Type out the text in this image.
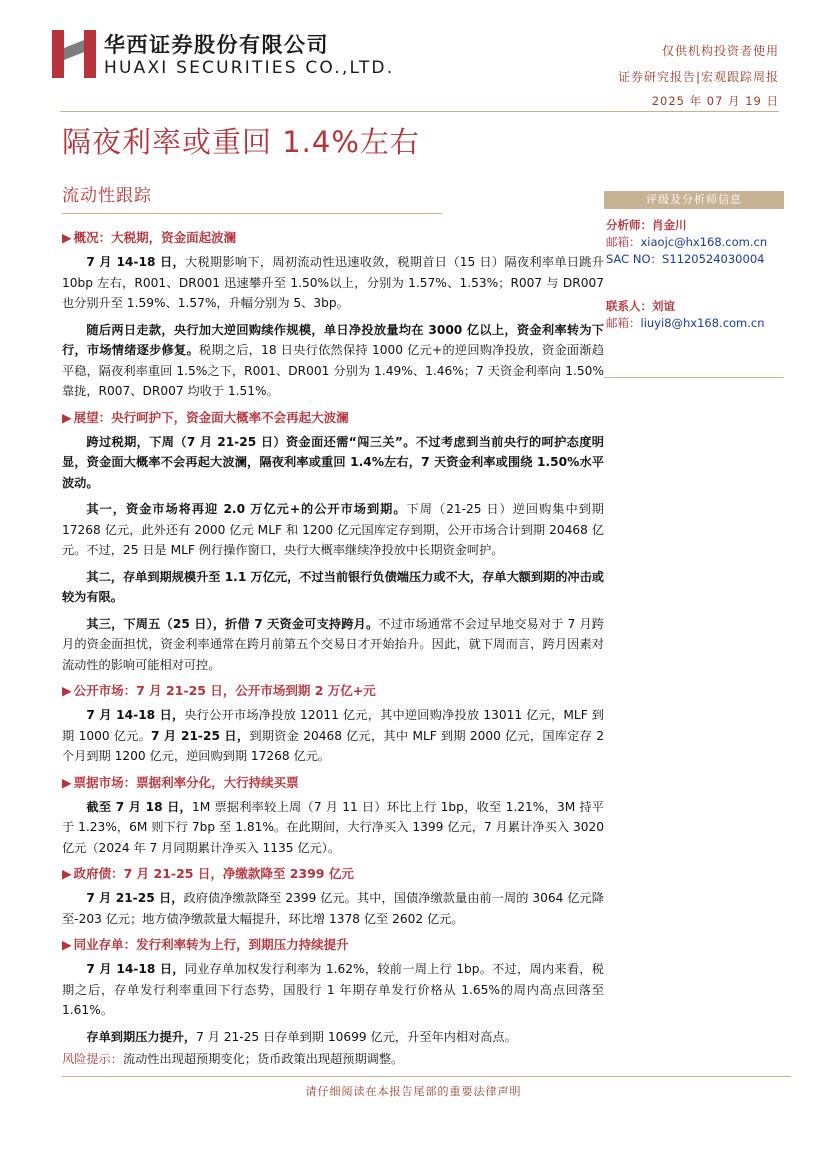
华西证券股份有限公司
HUAXI SECURITIES CO.,LTD.
仅供机构投资者使用
证券研究报告|宏观跟踪周报
2025 年 07 月 19 日
隔夜利率或重回 1.4%左右
流动性跟踪	评级及分析师信息
分析师：肖金川
邮箱：xiaojc@hx168.com.cn
SAC NO：S1120524030004
联系人：刘谊
邮箱：liuyi8@hx168.com.cn
▶ 概况：大税期，资金面起波澜

7 月 14-18 日，大税期影响下，周初流动性迅速收敛，税期首日（15 日）隔夜利率单日跳升 10bp 左右，R001、DR001 迅速攀升至 1.50%以上，分别为 1.57%、1.53%；R007 与 DR007 也分别升至 1.59%、1.57%，升幅分别为 5、3bp。

随后两日走款，央行加大逆回购续作规模，单日净投放量均在 3000 亿以上，资金利率转为下行，市场情绪逐步修复。税期之后，18 日央行依然保持 1000 亿元+的逆回购净投放，资金面渐趋平稳，隔夜利率重回 1.5%之下，R001、DR001 分别为 1.49%、1.46%；7 天资金利率向 1.50%靠拢，R007、DR007 均收于 1.51%。

▶ 展望：央行呵护下，资金面大概率不会再起大波澜

跨过税期，下周（7 月 21-25 日）资金面还需“闯三关”。不过考虑到当前央行的呵护态度明显，资金面大概率不会再起大波澜，隔夜利率或重回 1.4%左右，7 天资金利率或围绕 1.50%水平波动。

其一，资金市场将再迎 2.0 万亿元+的公开市场到期。下周（21-25 日）逆回购集中到期 17268 亿元，此外还有 2000 亿元 MLF 和 1200 亿元国库定存到期，公开市场合计到期 20468 亿元。不过，25 日是 MLF 例行操作窗口，央行大概率继续净投放中长期资金呵护。

其二，存单到期规模升至 1.1 万亿元，不过当前银行负债端压力或不大，存单大额到期的冲击或较为有限。

其三，下周五（25 日），折借 7 天资金可支持跨月。不过市场通常不会过早地交易对于 7 月跨月的资金面担忧，资金利率通常在跨月前第五个交易日才开始抬升。因此，就下周而言，跨月因素对流动性的影响可能相对可控。

▶ 公开市场：7 月 21-25 日，公开市场到期 2 万亿+元

7 月 14-18 日，央行公开市场净投放 12011 亿元，其中逆回购净投放 13011 亿元，MLF 到期 1000 亿元。7 月 21-25 日，到期资金 20468 亿元，其中 MLF 到期 2000 亿元，国库定存 2 个月到期 1200 亿元，逆回购到期 17268 亿元。

▶ 票据市场：票据利率分化，大行持续买票

截至 7 月 18 日，1M 票据利率较上周（7 月 11 日）环比上行 1bp，收至 1.21%，3M 持平于 1.23%，6M 则下行 7bp 至 1.81%。在此期间，大行净买入 1399 亿元，7 月累计净买入 3020 亿元（2024 年 7 月同期累计净买入 1135 亿元）。

▶ 政府债：7 月 21-25 日，净缴款降至 2399 亿元

7 月 21-25 日，政府债净缴款降至 2399 亿元。其中，国债净缴款量由前一周的 3064 亿元降至-203 亿元；地方债净缴款量大幅提升，环比增 1378 亿至 2602 亿元。

▶ 同业存单：发行利率转为上行，到期压力持续提升

7 月 14-18 日，同业存单加权发行利率为 1.62%，较前一周上行 1bp。不过，周内来看，税期之后，存单发行利率重回下行态势，国股行 1 年期存单发行价格从 1.65%的周内高点回落至 1.61%。

存单到期压力提升，7 月 21-25 日存单到期 10699 亿元，升至年内相对高点。

风险提示：流动性出现超预期变化；货币政策出现超预期调整。
请仔细阅读在本报告尾部的重要法律声明
